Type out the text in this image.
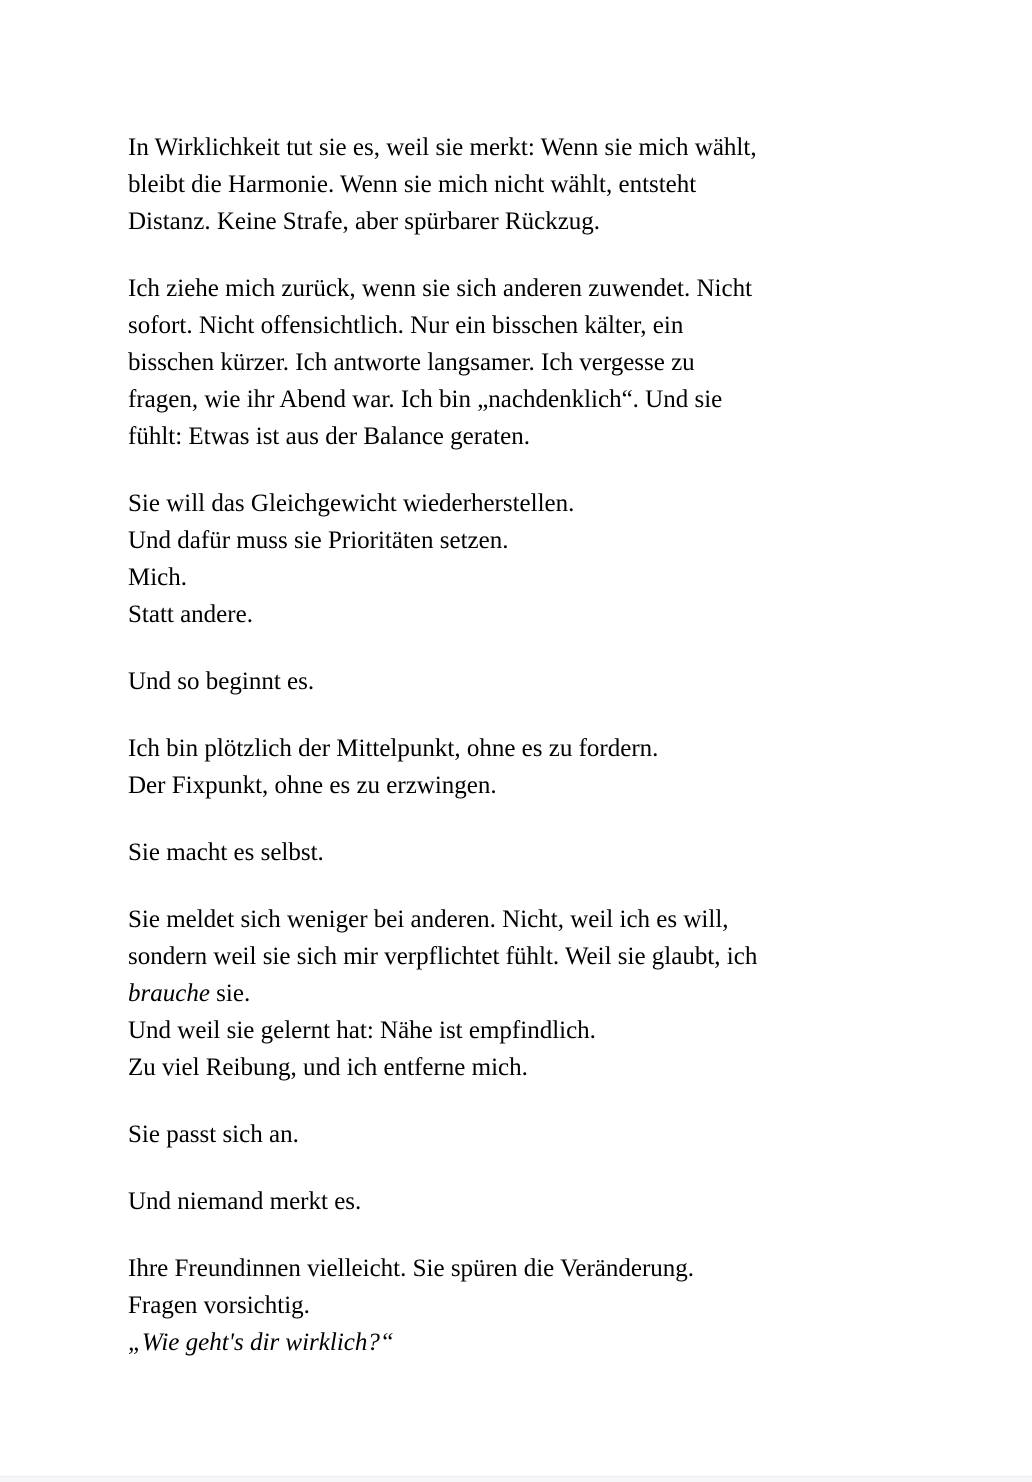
In Wirklichkeit tut sie es, weil sie merkt: Wenn sie mich wählt,
bleibt die Harmonie. Wenn sie mich nicht wählt, entsteht
Distanz. Keine Strafe, aber spürbarer Rückzug.

Ich ziehe mich zurück, wenn sie sich anderen zuwendet. Nicht
sofort. Nicht offensichtlich. Nur ein bisschen kälter, ein
bisschen kürzer. Ich antworte langsamer. Ich vergesse zu
fragen, wie ihr Abend war. Ich bin „nachdenklich“. Und sie
fühlt: Etwas ist aus der Balance geraten.

Sie will das Gleichgewicht wiederherstellen.
Und dafür muss sie Prioritäten setzen.
Mich.
Statt andere.

Und so beginnt es.

Ich bin plötzlich der Mittelpunkt, ohne es zu fordern.
Der Fixpunkt, ohne es zu erzwingen.

Sie macht es selbst.

Sie meldet sich weniger bei anderen. Nicht, weil ich es will,
sondern weil sie sich mir verpflichtet fühlt. Weil sie glaubt, ich
brauche sie.
Und weil sie gelernt hat: Nähe ist empfindlich.
Zu viel Reibung, und ich entferne mich.

Sie passt sich an.

Und niemand merkt es.

Ihre Freundinnen vielleicht. Sie spüren die Veränderung.
Fragen vorsichtig.
„Wie geht's dir wirklich?“
